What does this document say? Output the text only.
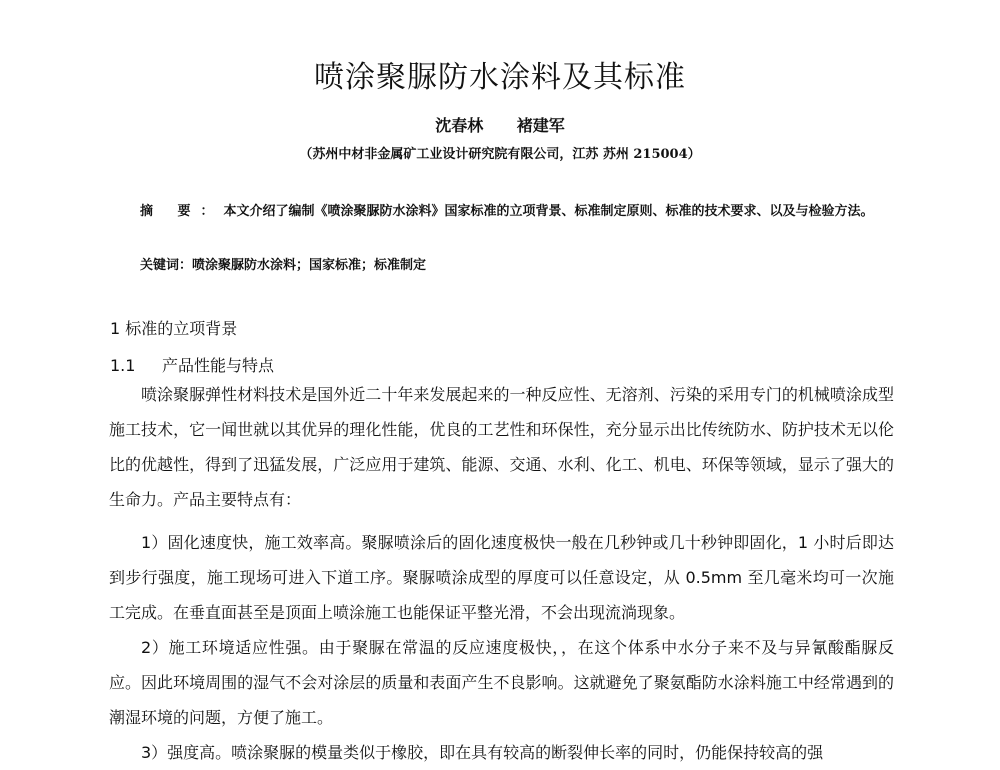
喷涂聚脲防水涂料及其标准
沈春林 褚建军
（苏州中材非金属矿工业设计研究院有限公司，江苏 苏州 215004）
摘 要：本文介绍了编制《喷涂聚脲防水涂料》国家标准的立项背景、标准制定原则、标准的技术要求、以及与检验方法。
关键词：喷涂聚脲防水涂料；国家标准；标准制定
1 标准的立项背景
1.1 产品性能与特点
喷涂聚脲弹性材料技术是国外近二十年来发展起来的一种反应性、无溶剂、污染的采用专门的机械喷涂成型施工技术，它一闻世就以其优异的理化性能，优良的工艺性和环保性，充分显示出比传统防水、防护技术无以伦比的优越性，得到了迅猛发展，广泛应用于建筑、能源、交通、水利、化工、机电、环保等领域，显示了强大的生命力。产品主要特点有：
1）固化速度快，施工效率高。聚脲喷涂后的固化速度极快一般在几秒钟或几十秒钟即固化，1 小时后即达到步行强度，施工现场可进入下道工序。聚脲喷涂成型的厚度可以任意设定，从 0.5mm 至几毫米均可一次施工完成。在垂直面甚至是顶面上喷涂施工也能保证平整光滑，不会出现流淌现象。
2）施工环境适应性强。由于聚脲在常温的反应速度极快，，在这个体系中水分子来不及与异氰酸酯脲反应。因此环境周围的湿气不会对涂层的质量和表面产生不良影响。这就避免了聚氨酯防水涂料施工中经常遇到的潮湿环境的问题，方便了施工。
3）强度高。喷涂聚脲的模量类似于橡胶，即在具有较高的断裂伸长率的同时，仍能保持较高的强
